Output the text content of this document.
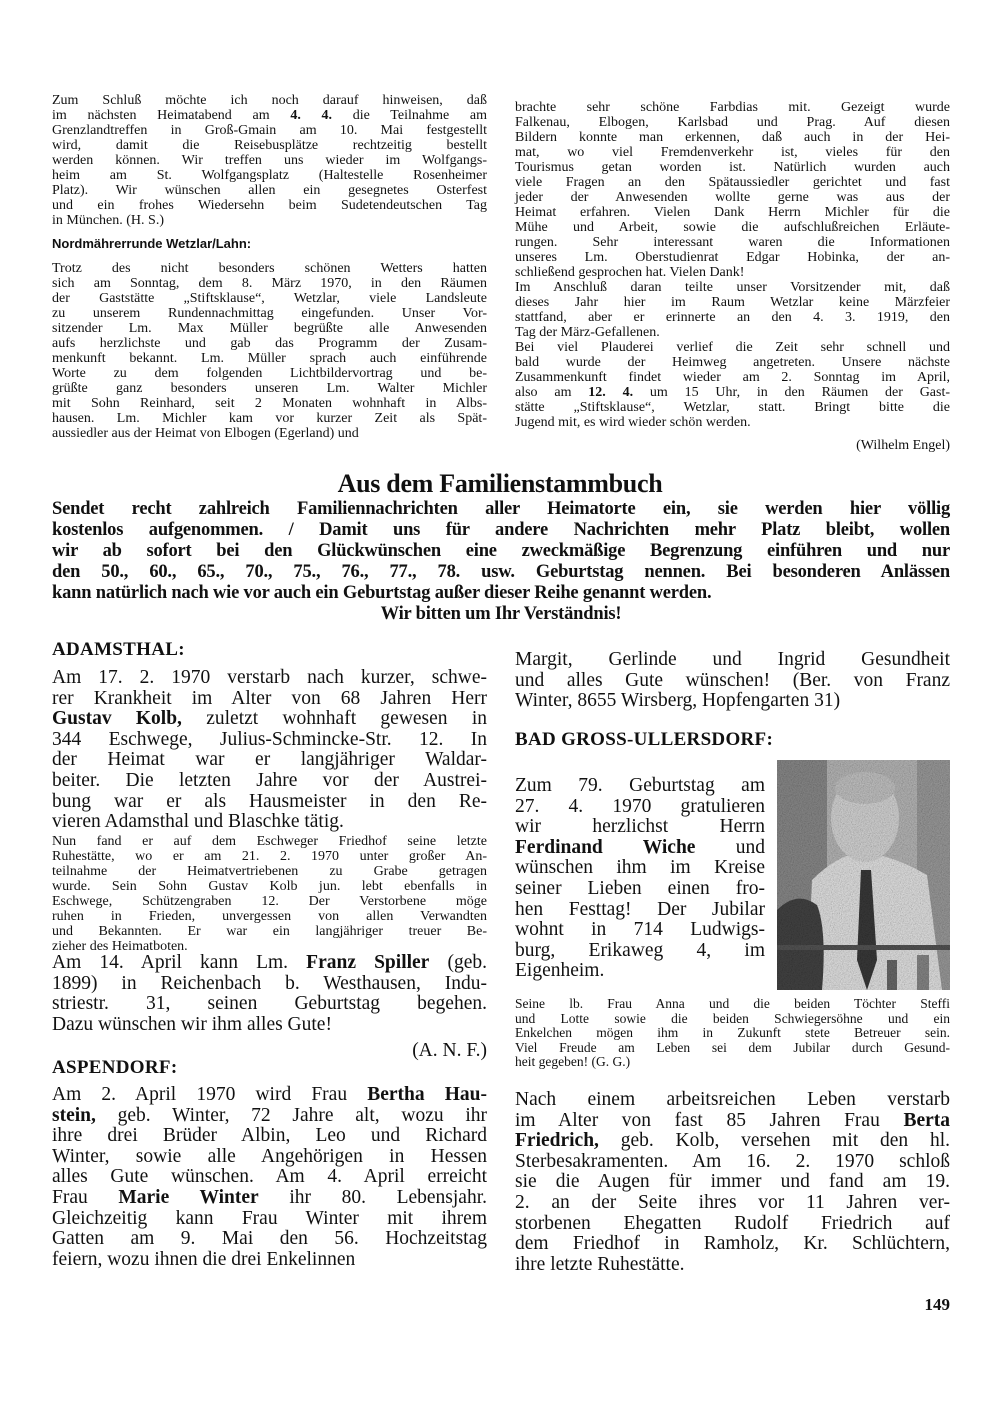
Zum Schluß möchte ich noch darauf hinweisen, daß
im nächsten Heimatabend am 4. 4. die Teilnahme am
Grenzlandtreffen in Groß-Gmain am 10. Mai festgestellt
wird, damit die Reisebusplätze rechtzeitig bestellt
werden können. Wir treffen uns wieder im Wolfgangs-
heim am St. Wolfgangsplatz (Haltestelle Rosenheimer
Platz). Wir wünschen allen ein gesegnetes Osterfest
und ein frohes Wiedersehn beim Sudetendeutschen Tag
in München. (H. S.)
Nordmährerrunde Wetzlar/Lahn:
Trotz des nicht besonders schönen Wetters hatten
sich am Sonntag, dem 8. März 1970, in den Räumen
der Gaststätte „Stiftsklause“, Wetzlar, viele Landsleute
zu unserem Rundennachmittag eingefunden. Unser Vor-
sitzender Lm. Max Müller begrüßte alle Anwesenden
aufs herzlichste und gab das Programm der Zusam-
menkunft bekannt. Lm. Müller sprach auch einführende
Worte zu dem folgenden Lichtbildervortrag und be-
grüßte ganz besonders unseren Lm. Walter Michler
mit Sohn Reinhard, seit 2 Monaten wohnhaft in Albs-
hausen. Lm. Michler kam vor kurzer Zeit als Spät-
aussiedler aus der Heimat von Elbogen (Egerland) und
brachte sehr schöne Farbdias mit. Gezeigt wurde
Falkenau, Elbogen, Karlsbad und Prag. Auf diesen
Bildern konnte man erkennen, daß auch in der Hei-
mat, wo viel Fremdenverkehr ist, vieles für den
Tourismus getan worden ist. Natürlich wurden auch
viele Fragen an den Spätaussiedler gerichtet und fast
jeder der Anwesenden wollte gerne was aus der
Heimat erfahren. Vielen Dank Herrn Michler für die
Mühe und Arbeit, sowie die aufschlußreichen Erläute-
rungen. Sehr interessant waren die Informationen
unseres Lm. Oberstudienrat Edgar Hobinka, der an-
schließend gesprochen hat. Vielen Dank!
Im Anschluß daran teilte unser Vorsitzender mit, daß
dieses Jahr hier im Raum Wetzlar keine Märzfeier
stattfand, aber er erinnerte an den 4. 3. 1919, den
Tag der März-Gefallenen.
Bei viel Plauderei verlief die Zeit sehr schnell und
bald wurde der Heimweg angetreten. Unsere nächste
Zusammenkunft findet wieder am 2. Sonntag im April,
also am 12. 4. um 15 Uhr, in den Räumen der Gast-
stätte „Stiftsklause“, Wetzlar, statt. Bringt bitte die
Jugend mit, es wird wieder schön werden.
(Wilhelm Engel)
Aus dem Familienstammbuch
Sendet recht zahlreich Familiennachrichten aller Heimatorte ein, sie werden hier völlig
kostenlos aufgenommen. / Damit uns für andere Nachrichten mehr Platz bleibt, wollen
wir ab sofort bei den Glückwünschen eine zweckmäßige Begrenzung einführen und nur
den 50., 60., 65., 70., 75., 76., 77., 78. usw. Geburtstag nennen. Bei besonderen Anlässen
kann natürlich nach wie vor auch ein Geburtstag außer dieser Reihe genannt werden.
Wir bitten um Ihr Verständnis!
ADAMSTHAL:
Am 17. 2. 1970 verstarb nach kurzer, schwe-
rer Krankheit im Alter von 68 Jahren Herr
Gustav Kolb, zuletzt wohnhaft gewesen in
344 Eschwege, Julius-Schmincke-Str. 12. In
der Heimat war er langjähriger Waldar-
beiter. Die letzten Jahre vor der Austrei-
bung war er als Hausmeister in den Re-
vieren Adamsthal und Blaschke tätig.
Nun fand er auf dem Eschweger Friedhof seine letzte
Ruhestätte, wo er am 21. 2. 1970 unter großer An-
teilnahme der Heimatvertriebenen zu Grabe getragen
wurde. Sein Sohn Gustav Kolb jun. lebt ebenfalls in
Eschwege, Schützengraben 12. Der Verstorbene möge
ruhen in Frieden, unvergessen von allen Verwandten
und Bekannten. Er war ein langjähriger treuer Be-
zieher des Heimatboten.
Am 14. April kann Lm. Franz Spiller (geb.
1899) in Reichenbach b. Westhausen, Indu-
striestr. 31, seinen Geburtstag begehen.
Dazu wünschen wir ihm alles Gute!
(A. N. F.)
ASPENDORF:
Am 2. April 1970 wird Frau Bertha Hau-
stein, geb. Winter, 72 Jahre alt, wozu ihr
ihre drei Brüder Albin, Leo und Richard
Winter, sowie alle Angehörigen in Hessen
alles Gute wünschen. Am 4. April erreicht
Frau Marie Winter ihr 80. Lebensjahr.
Gleichzeitig kann Frau Winter mit ihrem
Gatten am 9. Mai den 56. Hochzeitstag
feiern, wozu ihnen die drei Enkelinnen
Margit, Gerlinde und Ingrid Gesundheit
und alles Gute wünschen! (Ber. von Franz
Winter, 8655 Wirsberg, Hopfengarten 31)
BAD GROSS-ULLERSDORF:
Zum 79. Geburtstag am
27. 4. 1970 gratulieren
wir herzlichst Herrn
Ferdinand Wiche und
wünschen ihm im Kreise
seiner Lieben einen fro-
hen Festtag! Der Jubilar
wohnt in 714 Ludwigs-
burg, Erikaweg 4, im
Eigenheim.
Seine lb. Frau Anna und die beiden Töchter Steffi
und Lotte sowie die beiden Schwiegersöhne und ein
Enkelchen mögen ihm in Zukunft stete Betreuer sein.
Viel Freude am Leben sei dem Jubilar durch Gesund-
heit gegeben! (G. G.)
Nach einem arbeitsreichen Leben verstarb
im Alter von fast 85 Jahren Frau Berta
Friedrich, geb. Kolb, versehen mit den hl.
Sterbesakramenten. Am 16. 2. 1970 schloß
sie die Augen für immer und fand am 19.
2. an der Seite ihres vor 11 Jahren ver-
storbenen Ehegatten Rudolf Friedrich auf
dem Friedhof in Ramholz, Kr. Schlüchtern,
ihre letzte Ruhestätte.
149
